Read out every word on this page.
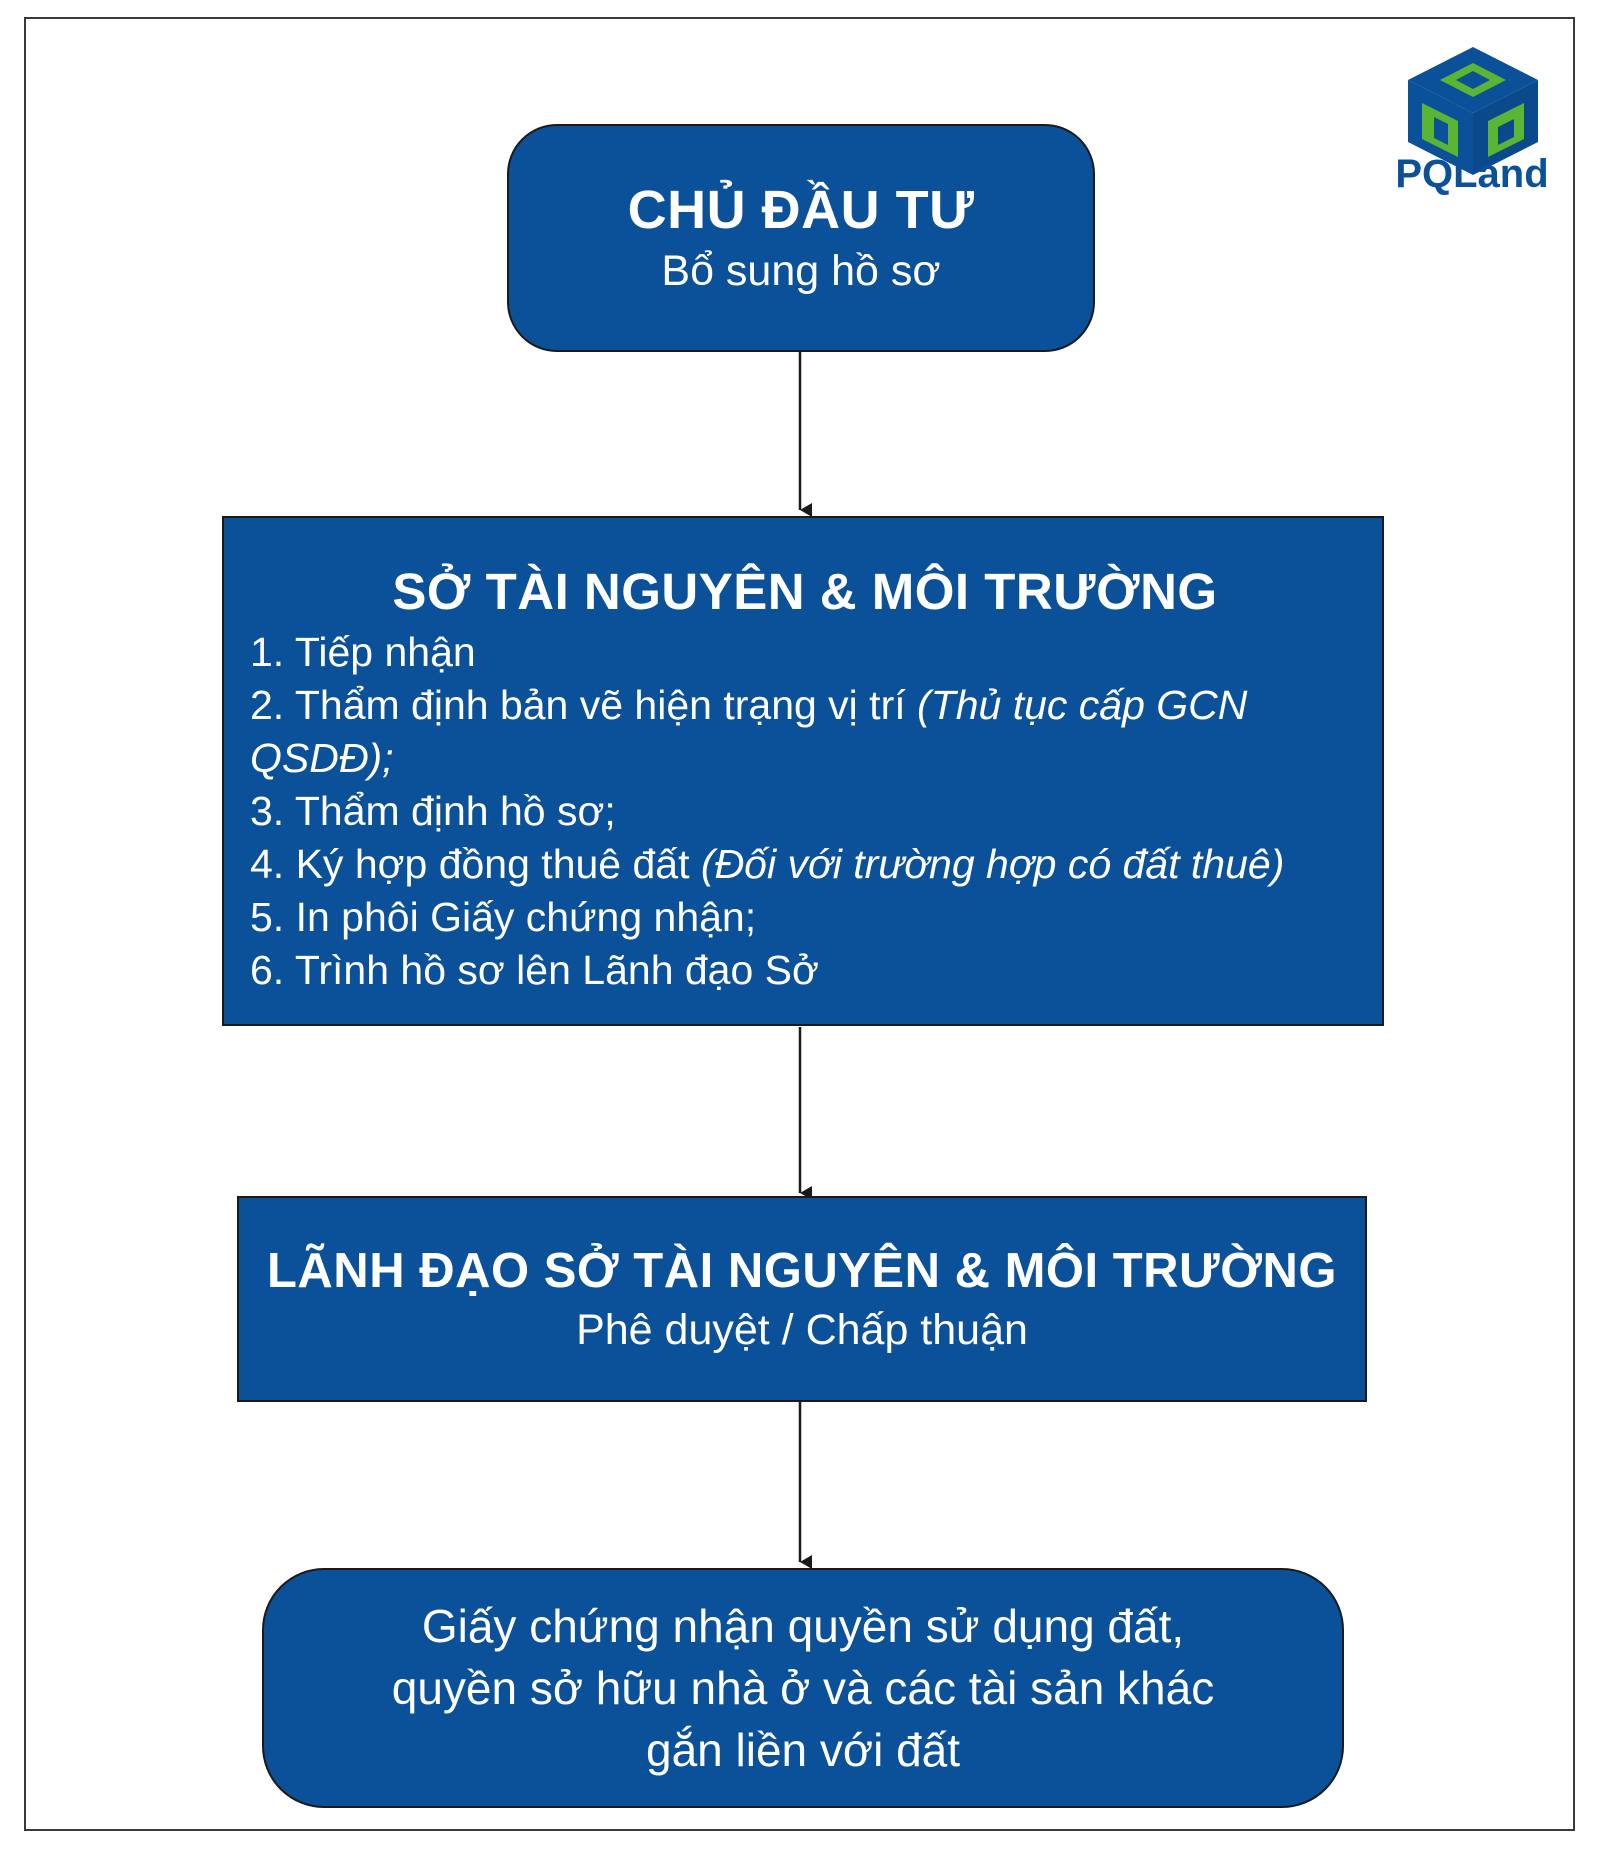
PQLand
CHỦ ĐẦU TƯ
Bổ sung hồ sơ
SỞ TÀI NGUYÊN & MÔI TRƯỜNG
1. Tiếp nhận
2. Thẩm định bản vẽ hiện trạng vị trí (Thủ tục cấp GCN
QSDĐ);
3. Thẩm định hồ sơ;
4. Ký hợp đồng thuê đất (Đối với trường hợp có đất thuê)
5. In phôi Giấy chứng nhận;
6. Trình hồ sơ lên Lãnh đạo Sở
LÃNH ĐẠO SỞ TÀI NGUYÊN & MÔI TRƯỜNG
Phê duyệt / Chấp thuận
Giấy chứng nhận quyền sử dụng đất,
quyền sở hữu nhà ở và các tài sản khác
gắn liền với đất
